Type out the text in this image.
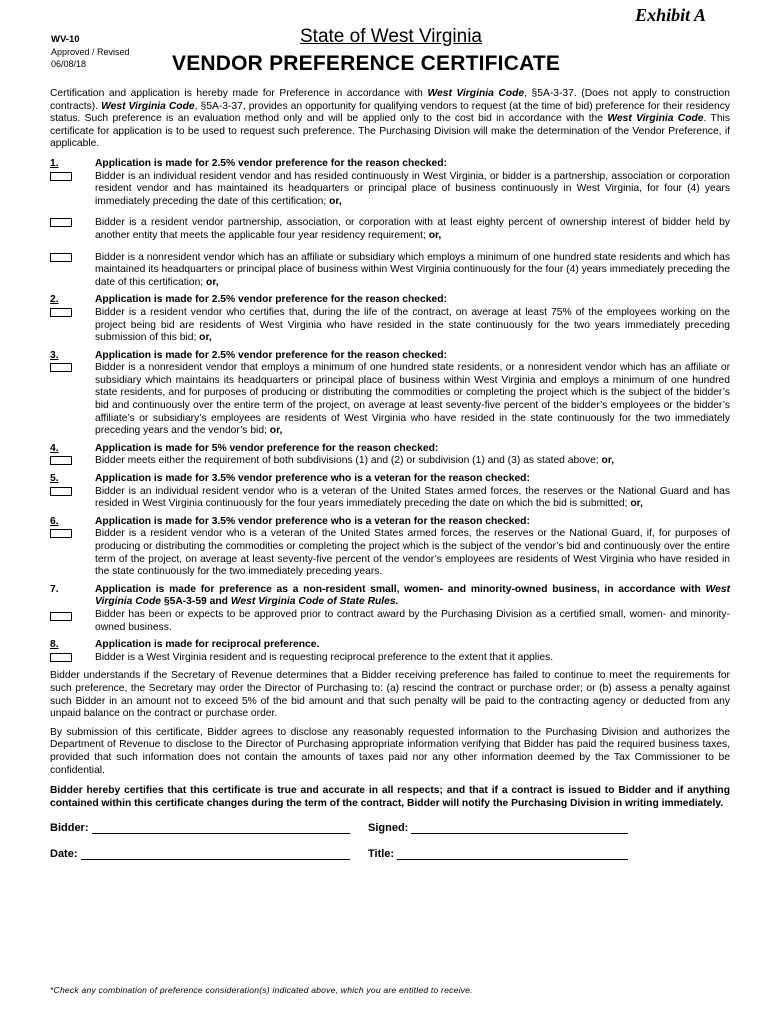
Exhibit A
WV-10
Approved / Revised
06/08/18
State of West Virginia
VENDOR PREFERENCE CERTIFICATE

Certification and application is hereby made for Preference in accordance with West Virginia Code, §5A-3-37. (Does not apply to construction contracts). West Virginia Code, §5A-3-37, provides an opportunity for qualifying vendors to request (at the time of bid) preference for their residency status. Such preference is an evaluation method only and will be applied only to the cost bid in accordance with the West Virginia Code. This certificate for application is to be used to request such preference. The Purchasing Division will make the determination of the Vendor Preference, if applicable.

1.	Application is made for 2.5% vendor preference for the reason checked:
Bidder is an individual resident vendor and has resided continuously in West Virginia, or bidder is a partnership, association or corporation resident vendor and has maintained its headquarters or principal place of business continuously in West Virginia, for four (4) years immediately preceding the date of this certification; or,
Bidder is a resident vendor partnership, association, or corporation with at least eighty percent of ownership interest of bidder held by another entity that meets the applicable four year residency requirement; or,
Bidder is a nonresident vendor which has an affiliate or subsidiary which employs a minimum of one hundred state residents and which has maintained its headquarters or principal place of business within West Virginia continuously for the four (4) years immediately preceding the date of this certification; or,
2.	Application is made for 2.5% vendor preference for the reason checked:
Bidder is a resident vendor who certifies that, during the life of the contract, on average at least 75% of the employees working on the project being bid are residents of West Virginia who have resided in the state continuously for the two years immediately preceding submission of this bid; or,
3.	Application is made for 2.5% vendor preference for the reason checked:
Bidder is a nonresident vendor that employs a minimum of one hundred state residents, or a nonresident vendor which has an affiliate or subsidiary which maintains its headquarters or principal place of business within West Virginia and employs a minimum of one hundred state residents, and for purposes of producing or distributing the commodities or completing the project which is the subject of the bidder’s bid and continuously over the entire term of the project, on average at least seventy-five percent of the bidder’s employees or the bidder’s affiliate’s or subsidiary’s employees are residents of West Virginia who have resided in the state continuously for the two immediately preceding years and the vendor’s bid; or,
4.	Application is made for 5% vendor preference for the reason checked:
Bidder meets either the requirement of both subdivisions (1) and (2) or subdivision (1) and (3) as stated above; or,
5.	Application is made for 3.5% vendor preference who is a veteran for the reason checked:
Bidder is an individual resident vendor who is a veteran of the United States armed forces, the reserves or the National Guard and has resided in West Virginia continuously for the four years immediately preceding the date on which the bid is submitted; or,
6.	Application is made for 3.5% vendor preference who is a veteran for the reason checked:
Bidder is a resident vendor who is a veteran of the United States armed forces, the reserves or the National Guard, if, for purposes of producing or distributing the commodities or completing the project which is the subject of the vendor’s bid and continuously over the entire term of the project, on average at least seventy-five percent of the vendor’s employees are residents of West Virginia who have resided in the state continuously for the two immediately preceding years.
7.	Application is made for preference as a non-resident small, women- and minority-owned business, in accordance with West Virginia Code §5A-3-59 and West Virginia Code of State Rules.
Bidder has been or expects to be approved prior to contract award by the Purchasing Division as a certified small, women- and minority-owned business.
8.	Application is made for reciprocal preference.
Bidder is a West Virginia resident and is requesting reciprocal preference to the extent that it applies.

Bidder understands if the Secretary of Revenue determines that a Bidder receiving preference has failed to continue to meet the requirements for such preference, the Secretary may order the Director of Purchasing to: (a) rescind the contract or purchase order; or (b) assess a penalty against such Bidder in an amount not to exceed 5% of the bid amount and that such penalty will be paid to the contracting agency or deducted from any unpaid balance on the contract or purchase order.

By submission of this certificate, Bidder agrees to disclose any reasonably requested information to the Purchasing Division and authorizes the Department of Revenue to disclose to the Director of Purchasing appropriate information verifying that Bidder has paid the required business taxes, provided that such information does not contain the amounts of taxes paid nor any other information deemed by the Tax Commissioner to be confidential.

Bidder hereby certifies that this certificate is true and accurate in all respects; and that if a contract is issued to Bidder and if anything contained within this certificate changes during the term of the contract, Bidder will notify the Purchasing Division in writing immediately.

Bidder:	Signed:
Date:	Title:
*Check any combination of preference consideration(s) indicated above, which you are entitled to receive.
